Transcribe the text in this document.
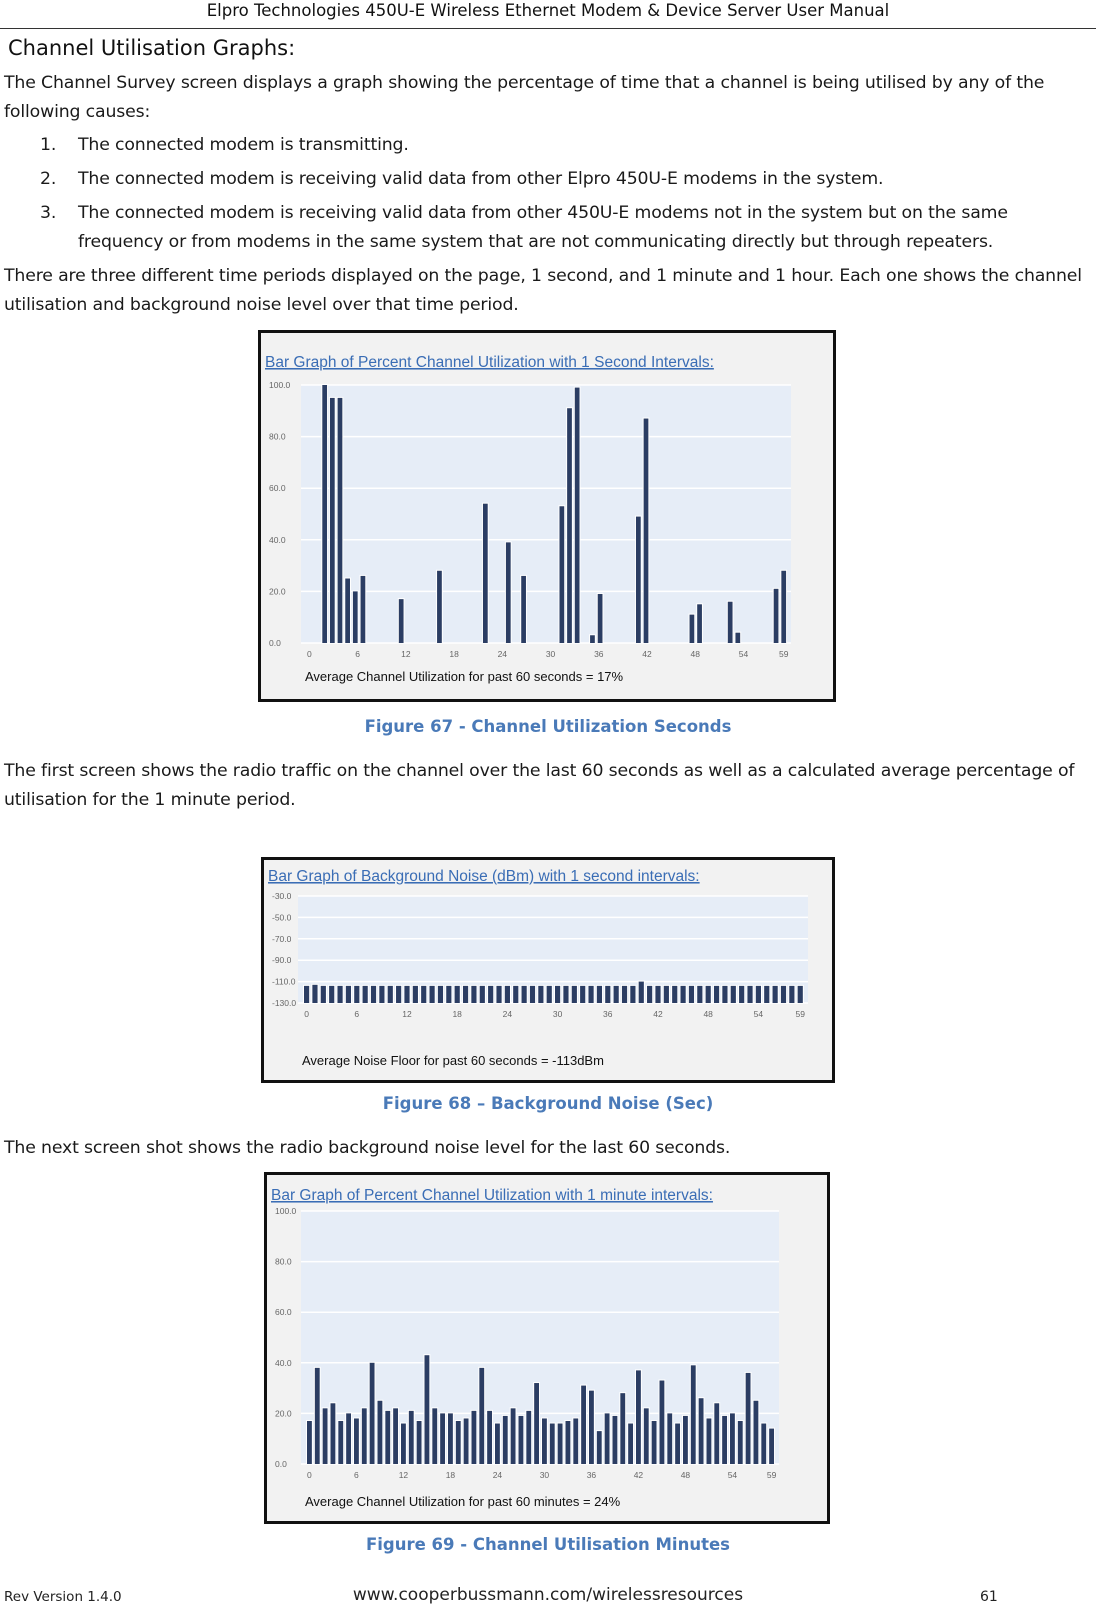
Elpro Technologies 450U-E Wireless Ethernet Modem & Device Server User Manual
Channel Utilisation Graphs:
The Channel Survey screen displays a graph showing the percentage of time that a channel is being utilised by any of the following causes:
1.	The connected modem is transmitting.
2.	The connected modem is receiving valid data from other Elpro 450U-E modems in the system.
3.	The connected modem is receiving valid data from other 450U-E modems not in the system but on the same frequency or from modems in the same system that are not communicating directly but through repeaters.
There are three different time periods displayed on the page, 1 second, and 1 minute and 1 hour. Each one shows the channel utilisation and background noise level over that time period.
Bar Graph of Percent Channel Utilization with 1 Second Intervals:
100.0
80.0
60.0
40.0
20.0
0.0
0	6	12	18	24	30	36	42	48	54	59
Average Channel Utilization for past 60 seconds = 17%
Figure 67 - Channel Utilization Seconds
The first screen shows the radio traffic on the channel over the last 60 seconds as well as a calculated average percentage of utilisation for the 1 minute period.
Bar Graph of Background Noise (dBm) with 1 second intervals:
-30.0
-50.0
-70.0
-90.0
-110.0
-130.0
0	6	12	18	24	30	36	42	48	54	59
Average Noise Floor for past 60 seconds = -113dBm
Figure 68 – Background Noise (Sec)
The next screen shot shows the radio background noise level for the last 60 seconds.
Bar Graph of Percent Channel Utilization with 1 minute intervals:
100.0
80.0
60.0
40.0
20.0
0.0
0	6	12	18	24	30	36	42	48	54	59
Average Channel Utilization for past 60 minutes = 24%
Figure 69 - Channel Utilisation Minutes
Rev Version 1.4.0	www.cooperbussmann.com/wirelessresources	61
